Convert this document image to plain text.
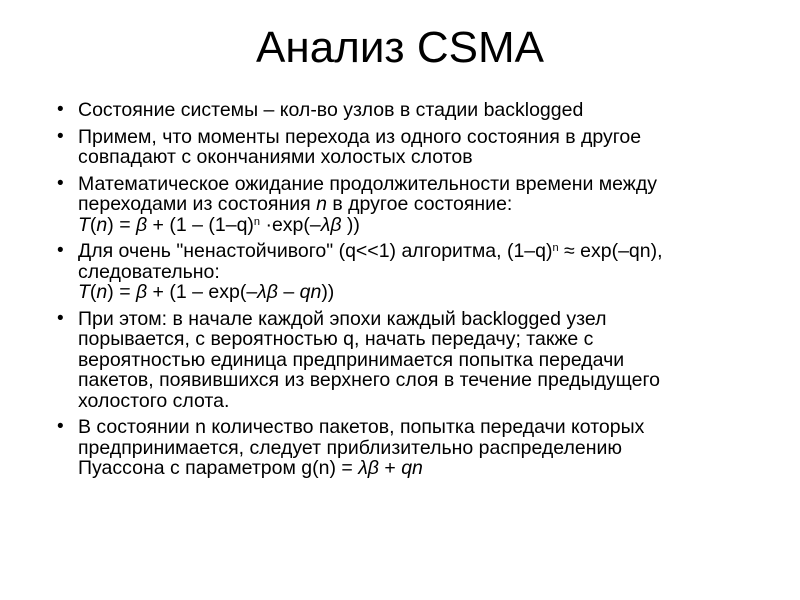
Анализ CSMA
• Состояние системы – кол-во узлов в стадии backlogged
• Примем, что моменты перехода из одного состояния в другое
совпадают с окончаниями холостых слотов
• Математическое ожидание продолжительности времени между
переходами из состояния n в другое состояние:
$T(n) = \beta + (1 - (1-q)^n \cdot\exp(-\lambda\beta$ ))
• Для очень "ненастойчивого" (q<<1) алгоритма, $(1-q)^n \approx \exp(-qn)$,
следовательно:
T(n) = β + (1 – exp(–λβ – qn))
• При этом: в начале каждой эпохи каждый backlogged узел
порывается, с вероятностью q, начать передачу; также с
вероятностью единица предпринимается попытка передачи
пакетов, появившихся из верхнего слоя в течение предыдущего
холостого слота.
• В состоянии n количество пакетов, попытка передачи которых
предпринимается, следует приблизительно распределению
Пуассона с параметром g(n) = λβ + qn
